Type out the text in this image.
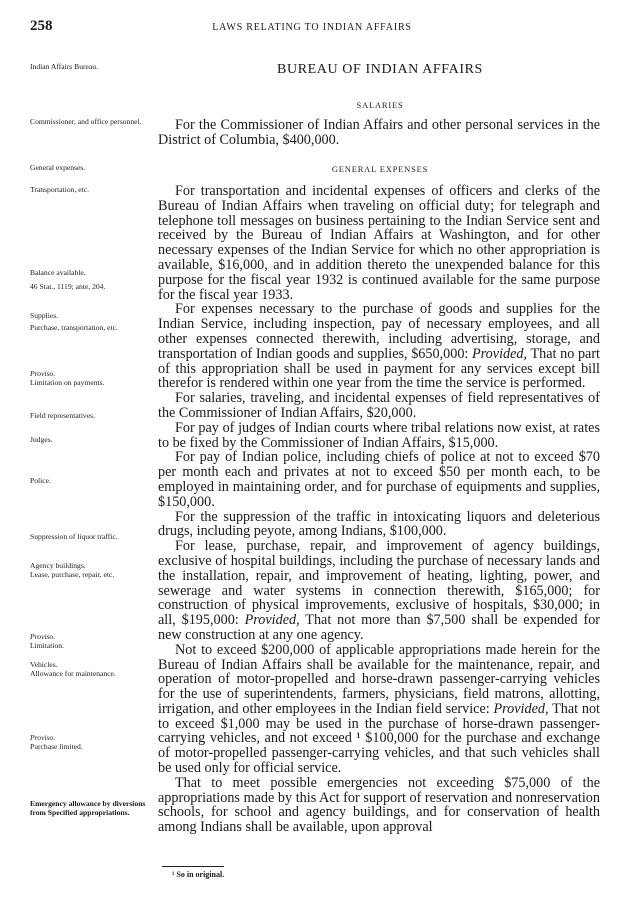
258	LAWS RELATING TO INDIAN AFFAIRS
BUREAU OF INDIAN AFFAIRS
SALARIES
GENERAL EXPENSES
Indian Affairs Bureau.
Commissioner, and office personnel.
General expenses.
Transportation, etc.
Balance available.
46 Stat., 1119; ante, 204.
Supplies.
Purchase, transportation, etc.
Proviso.
Limitation on payments.
Field representatives.
Judges.
Police.
Suppression of liquor traffic.
Agency buildings.
Lease, purchase, repair, etc.
Proviso.
Limitation.
Vehicles.
Allowance for maintenance.
Proviso.
Purchase limited.
Emergency allowance by diversions from Specified appropriations.

For the Commissioner of Indian Affairs and other personal services in the District of Columbia, $400,000.

For transportation and incidental expenses of officers and clerks of the Bureau of Indian Affairs when traveling on official duty; for telegraph and telephone toll messages on business pertaining to the Indian Service sent and received by the Bureau of Indian Affairs at Washington, and for other necessary expenses of the Indian Service for which no other appropriation is available, $16,000, and in addition thereto the unexpended balance for this purpose for the fiscal year 1932 is continued available for the same purpose for the fiscal year 1933.

For expenses necessary to the purchase of goods and supplies for the Indian Service, including inspection, pay of necessary employees, and all other expenses connected therewith, including advertising, storage, and transportation of Indian goods and supplies, $650,000: Provided, That no part of this appropriation shall be used in payment for any services except bill therefor is rendered within one year from the time the service is performed.

For salaries, traveling, and incidental expenses of field representatives of the Commissioner of Indian Affairs, $20,000.

For pay of judges of Indian courts where tribal relations now exist, at rates to be fixed by the Commissioner of Indian Affairs, $15,000.

For pay of Indian police, including chiefs of police at not to exceed $70 per month each and privates at not to exceed $50 per month each, to be employed in maintaining order, and for purchase of equipments and supplies, $150,000.

For the suppression of the traffic in intoxicating liquors and deleterious drugs, including peyote, among Indians, $100,000.

For lease, purchase, repair, and improvement of agency buildings, exclusive of hospital buildings, including the purchase of necessary lands and the installation, repair, and improvement of heating, lighting, power, and sewerage and water systems in connection therewith, $165,000; for construction of physical improvements, exclusive of hospitals, $30,000; in all, $195,000: Provided, That not more than $7,500 shall be expended for new construction at any one agency.

Not to exceed $200,000 of applicable appropriations made herein for the Bureau of Indian Affairs shall be available for the maintenance, repair, and operation of motor-propelled and horse-drawn passenger-carrying vehicles for the use of superintendents, farmers, physicians, field matrons, allotting, irrigation, and other employees in the Indian field service: Provided, That not to exceed $1,000 may be used in the purchase of horse-drawn passenger-carrying vehicles, and not exceed ¹ $100,000 for the purchase and exchange of motor-propelled passenger-carrying vehicles, and that such vehicles shall be used only for official service.

That to meet possible emergencies not exceeding $75,000 of the appropriations made by this Act for support of reservation and nonreservation schools, for school and agency buildings, and for conservation of health among Indians shall be available, upon approval

¹ So in original.
